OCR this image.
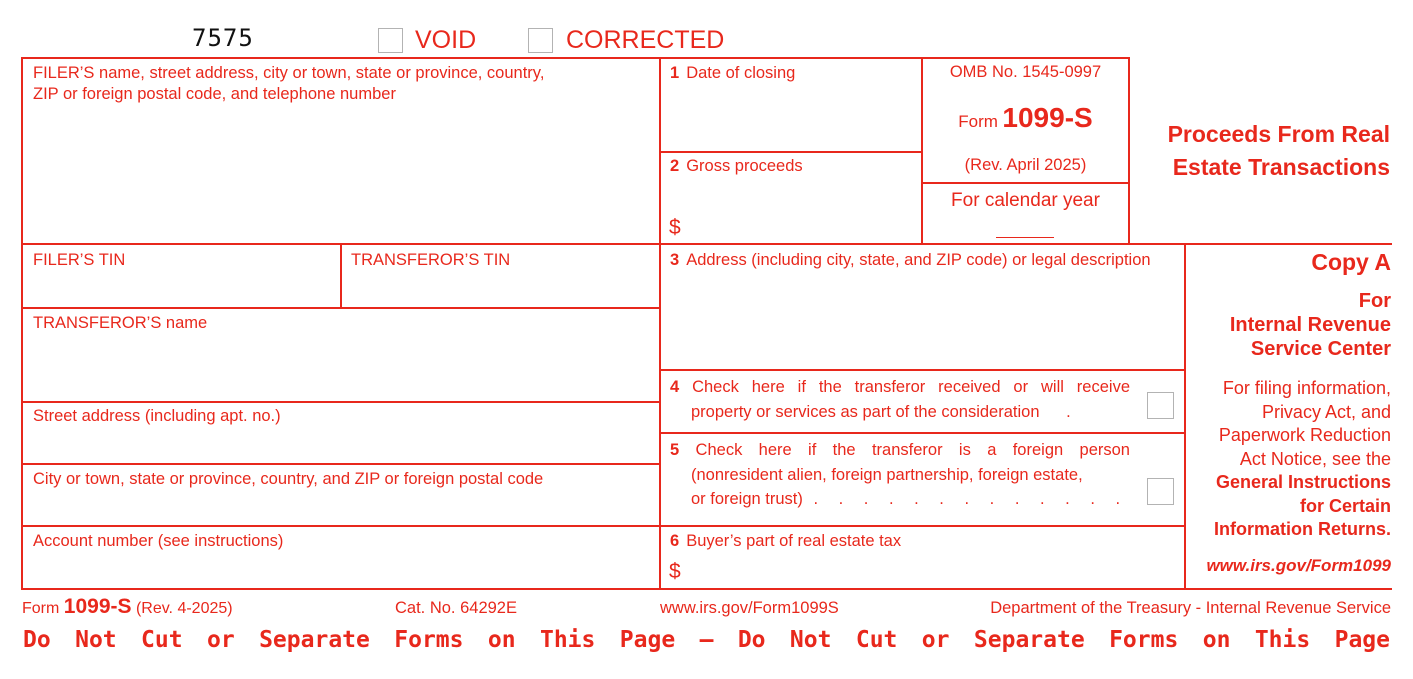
7575	VOID	CORRECTED
FILER’S name, street address, city or town, state or province, country,
ZIP or foreign postal code, and telephone number
1 Date of closing
2 Gross proceeds
$
OMB No. 1545-0997
Form 1099-S
(Rev. April 2025)
For calendar year
Proceeds From Real
Estate Transactions
FILER’S TIN	TRANSFEROR’S TIN
TRANSFEROR’S name
Street address (including apt. no.)
City or town, state or province, country, and ZIP or foreign postal code
Account number (see instructions)
3 Address (including city, state, and ZIP code) or legal description
4 Check here if the transferor received or will receive
property or services as part of the consideration .
5 Check here if the transferor is a foreign person
(nonresident alien, foreign partnership, foreign estate,
or foreign trust) . . . . . . . . . . . . .
6 Buyer’s part of real estate tax
$
Copy A
For
Internal Revenue
Service Center
For filing information,
Privacy Act, and
Paperwork Reduction
Act Notice, see the
General Instructions
for Certain
Information Returns.
www.irs.gov/Form1099
Form 1099-S (Rev. 4-2025)	Cat. No. 64292E	www.irs.gov/Form1099S	Department of the Treasury - Internal Revenue Service
Do Not Cut or Separate Forms on This Page — Do Not Cut or Separate Forms on This Page
